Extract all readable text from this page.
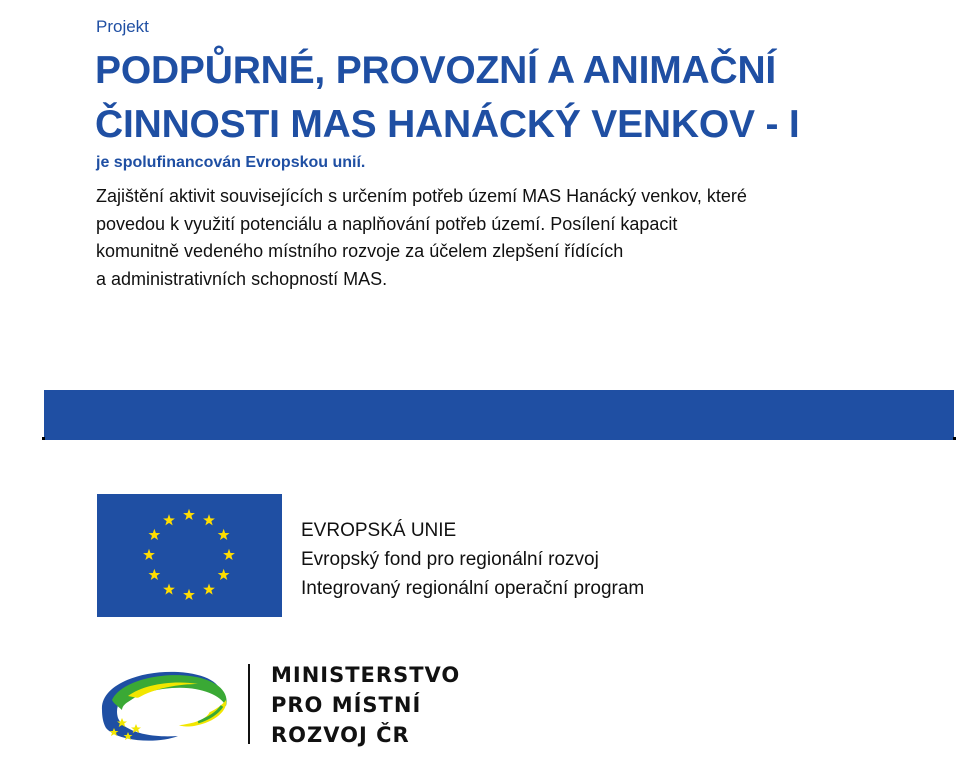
Projekt
PODPŮRNÉ, PROVOZNÍ A ANIMAČNÍ
ČINNOSTI MAS HANÁCKÝ VENKOV - I
je spolufinancován Evropskou unií.
Zajištění aktivit souvisejících s určením potřeb území MAS Hanácký venkov, které
povedou k využití potenciálu a naplňování potřeb území. Posílení kapacit
komunitně vedeného místního rozvoje za účelem zlepšení řídících
a administrativních schopností MAS.
EVROPSKÁ UNIE
Evropský fond pro regionální rozvoj
Integrovaný regionální operační program
MINISTERSTVO
PRO MÍSTNÍ
ROZVOJ ČR
